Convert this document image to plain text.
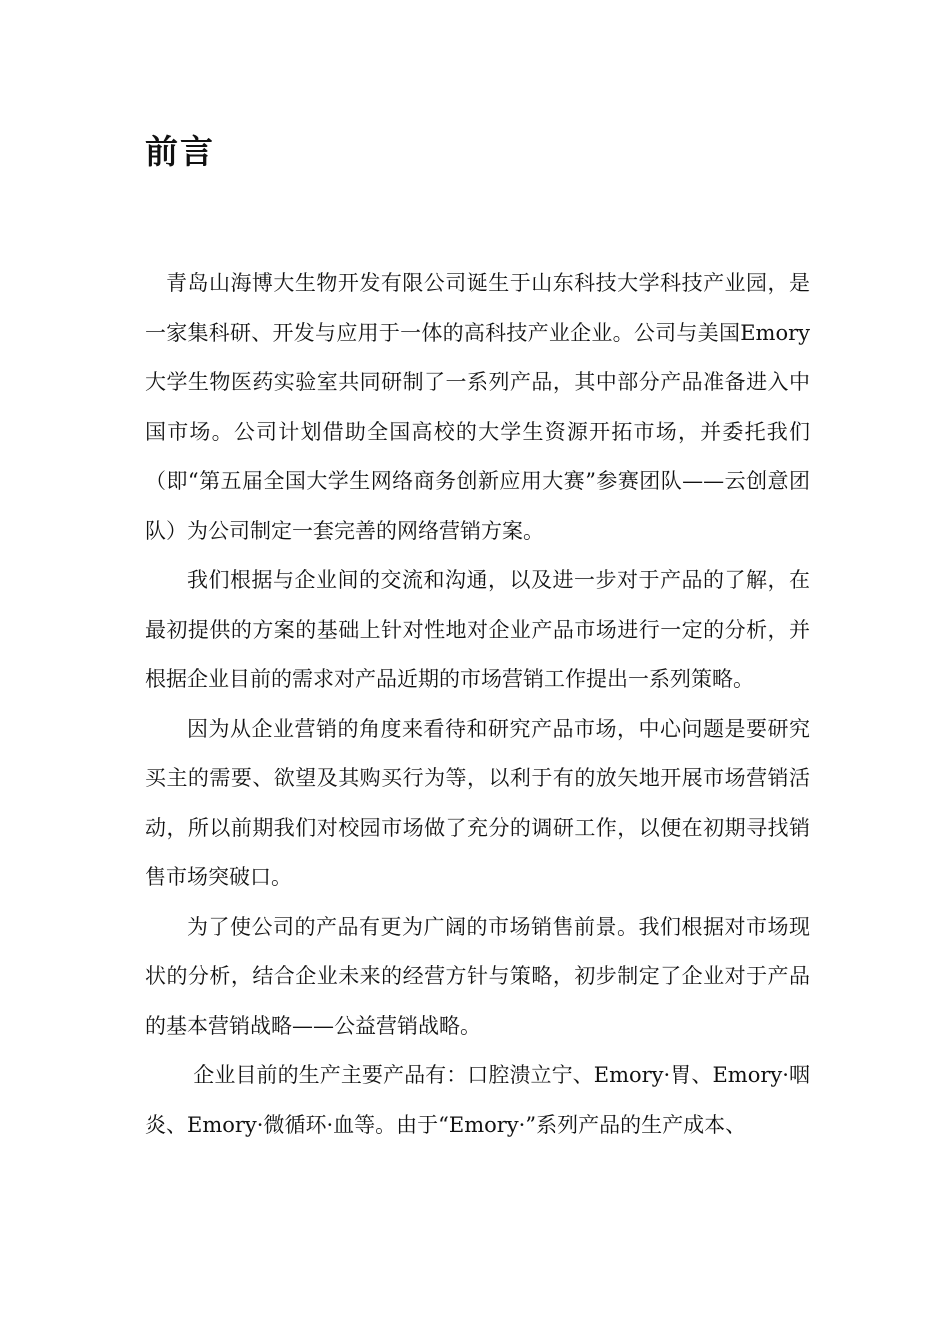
前言

青岛山海博大生物开发有限公司诞生于山东科技大学科技产业园，是一家集科研、开发与应用于一体的高科技产业企业。公司与美国Emory大学生物医药实验室共同研制了一系列产品，其中部分产品准备进入中国市场。公司计划借助全国高校的大学生资源开拓市场，并委托我们（即“第五届全国大学生网络商务创新应用大赛”参赛团队——云创意团队）为公司制定一套完善的网络营销方案。

我们根据与企业间的交流和沟通，以及进一步对于产品的了解，在最初提供的方案的基础上针对性地对企业产品市场进行一定的分析，并根据企业目前的需求对产品近期的市场营销工作提出一系列策略。

因为从企业营销的角度来看待和研究产品市场，中心问题是要研究买主的需要、欲望及其购买行为等，以利于有的放矢地开展市场营销活动，所以前期我们对校园市场做了充分的调研工作，以便在初期寻找销售市场突破口。

为了使公司的产品有更为广阔的市场销售前景。我们根据对市场现状的分析，结合企业未来的经营方针与策略，初步制定了企业对于产品的基本营销战略——公益营销战略。

企业目前的生产主要产品有：口腔溃立宁、Emory·胃、Emory·咽炎、Emory·微循环·血等。由于“Emory·”系列产品的生产成本、
